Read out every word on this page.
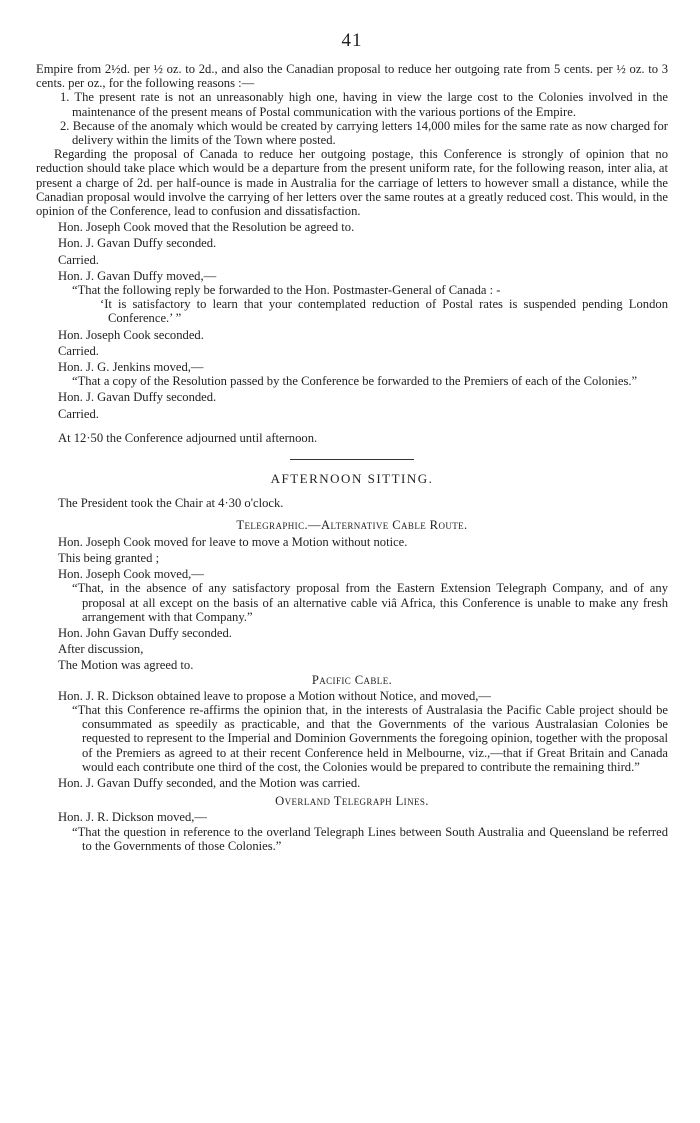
41

Empire from 2½d. per ½ oz. to 2d., and also the Canadian proposal to reduce her outgoing rate from 5 cents. per ½ oz. to 3 cents. per oz., for the following reasons :—

1. The present rate is not an unreasonably high one, having in view the large cost to the Colonies involved in the maintenance of the present means of Postal communication with the various portions of the Empire.

2. Because of the anomaly which would be created by carrying letters 14,000 miles for the same rate as now charged for delivery within the limits of the Town where posted.

Regarding the proposal of Canada to reduce her outgoing postage, this Conference is strongly of opinion that no reduction should take place which would be a departure from the present uniform rate, for the following reason, inter alia, at present a charge of 2d. per half-ounce is made in Australia for the carriage of letters to however small a distance, while the Canadian proposal would involve the carrying of her letters over the same routes at a greatly reduced cost. This would, in the opinion of the Conference, lead to confusion and dissatisfaction.

Hon. Joseph Cook moved that the Resolution be agreed to.

Hon. J. Gavan Duffy seconded.

Carried.

Hon. J. Gavan Duffy moved,—

“That the following reply be forwarded to the Hon. Postmaster-General of Canada : -

‘It is satisfactory to learn that your contemplated reduction of Postal rates is suspended pending London Conference.’ ”

Hon. Joseph Cook seconded.

Carried.

Hon. J. G. Jenkins moved,—

“That a copy of the Resolution passed by the Conference be forwarded to the Premiers of each of the Colonies.”

Hon. J. Gavan Duffy seconded.

Carried.

At 12·50 the Conference adjourned until afternoon.

AFTERNOON SITTING.

The President took the Chair at 4·30 o'clock.

Telegraphic.—Alternative Cable Route.

Hon. Joseph Cook moved for leave to move a Motion without notice.

This being granted ;

Hon. Joseph Cook moved,—

“That, in the absence of any satisfactory proposal from the Eastern Extension Telegraph Company, and of any proposal at all except on the basis of an alternative cable viâ Africa, this Conference is unable to make any fresh arrangement with that Company.”

Hon. John Gavan Duffy seconded.

After discussion,

The Motion was agreed to.

Pacific Cable.

Hon. J. R. Dickson obtained leave to propose a Motion without Notice, and moved,—

“That this Conference re-affirms the opinion that, in the interests of Australasia the Pacific Cable project should be consummated as speedily as practicable, and that the Governments of the various Australasian Colonies be requested to represent to the Imperial and Dominion Governments the foregoing opinion, together with the proposal of the Premiers as agreed to at their recent Conference held in Melbourne, viz.,—that if Great Britain and Canada would each contribute one third of the cost, the Colonies would be prepared to contribute the remaining third.”

Hon. J. Gavan Duffy seconded, and the Motion was carried.

Overland Telegraph Lines.

Hon. J. R. Dickson moved,—

“That the question in reference to the overland Telegraph Lines between South Australia and Queensland be referred to the Governments of those Colonies.”
